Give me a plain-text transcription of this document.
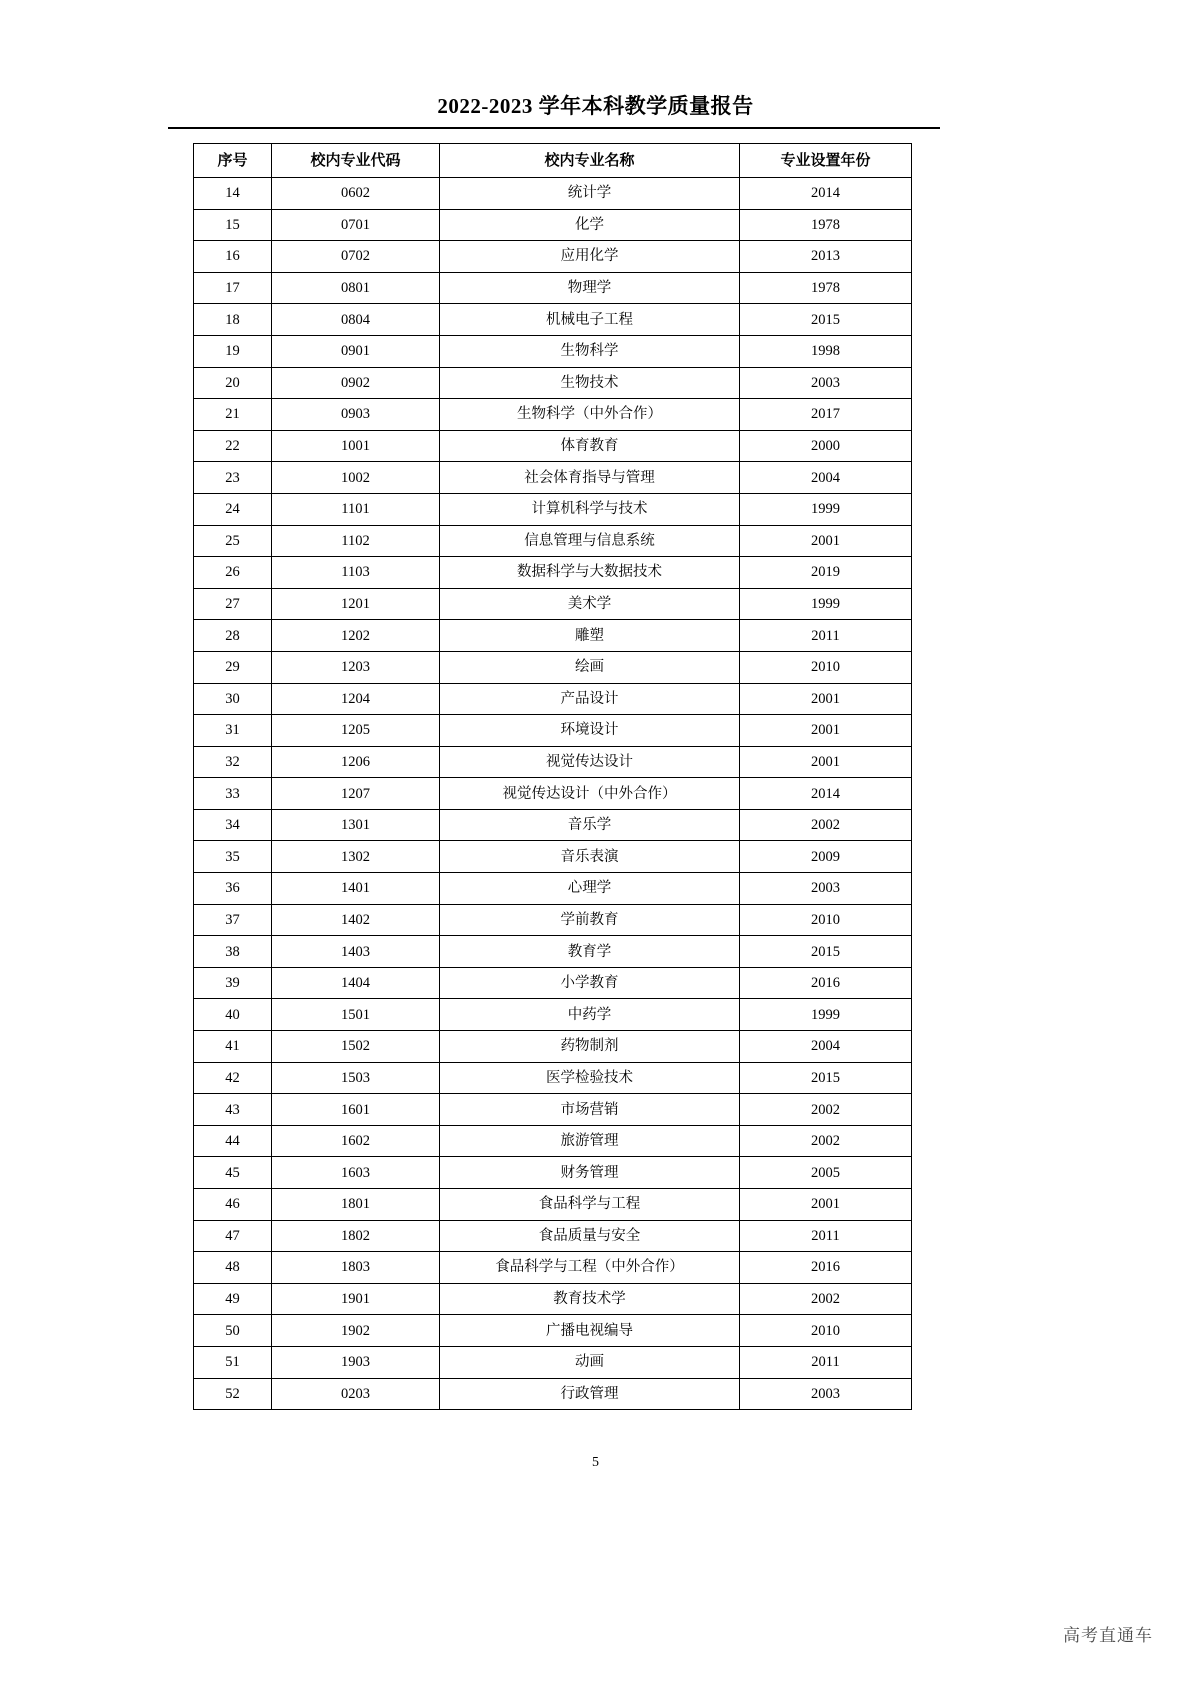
2022-2023 学年本科教学质量报告
序号	校内专业代码	校内专业名称	专业设置年份
14	0602	统计学	2014
15	0701	化学	1978
16	0702	应用化学	2013
17	0801	物理学	1978
18	0804	机械电子工程	2015
19	0901	生物科学	1998
20	0902	生物技术	2003
21	0903	生物科学（中外合作）	2017
22	1001	体育教育	2000
23	1002	社会体育指导与管理	2004
24	1101	计算机科学与技术	1999
25	1102	信息管理与信息系统	2001
26	1103	数据科学与大数据技术	2019
27	1201	美术学	1999
28	1202	雕塑	2011
29	1203	绘画	2010
30	1204	产品设计	2001
31	1205	环境设计	2001
32	1206	视觉传达设计	2001
33	1207	视觉传达设计（中外合作）	2014
34	1301	音乐学	2002
35	1302	音乐表演	2009
36	1401	心理学	2003
37	1402	学前教育	2010
38	1403	教育学	2015
39	1404	小学教育	2016
40	1501	中药学	1999
41	1502	药物制剂	2004
42	1503	医学检验技术	2015
43	1601	市场营销	2002
44	1602	旅游管理	2002
45	1603	财务管理	2005
46	1801	食品科学与工程	2001
47	1802	食品质量与安全	2011
48	1803	食品科学与工程（中外合作）	2016
49	1901	教育技术学	2002
50	1902	广播电视编导	2010
51	1903	动画	2011
52	0203	行政管理	2003
5
高考直通车
